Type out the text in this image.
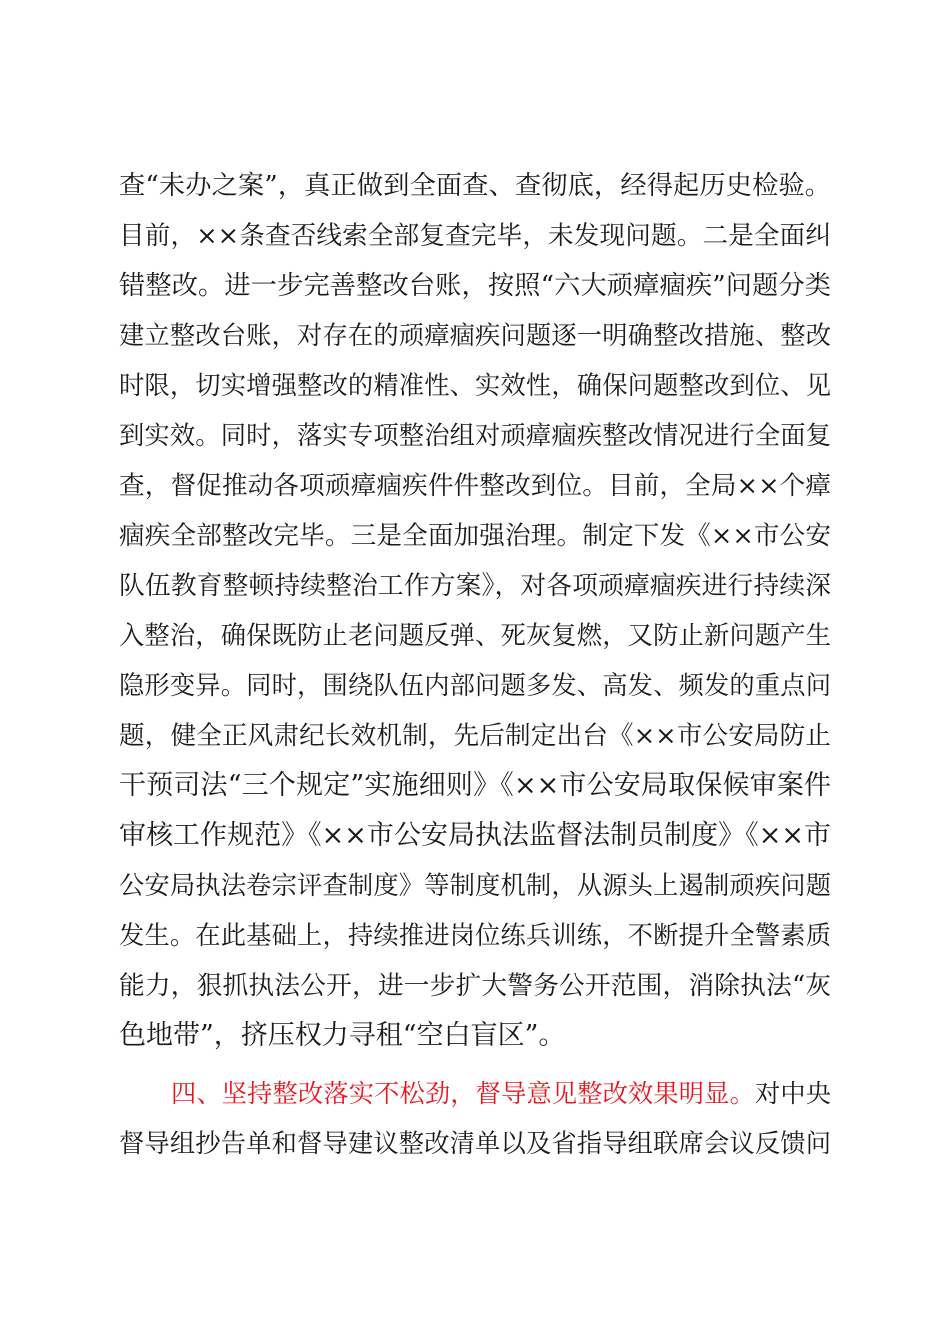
查“未办之案”，真正做到全面查、查彻底，经得起历史检验。
目前，××条查否线索全部复查完毕，未发现问题。二是全面纠
错整改。进一步完善整改台账，按照“六大顽瘴痼疾”问题分类
建立整改台账，对存在的顽瘴痼疾问题逐一明确整改措施、整改
时限，切实增强整改的精准性、实效性，确保问题整改到位、见
到实效。同时，落实专项整治组对顽瘴痼疾整改情况进行全面复
查，督促推动各项顽瘴痼疾件件整改到位。目前，全局××个瘴
痼疾全部整改完毕。三是全面加强治理。制定下发《××市公安
队伍教育整顿持续整治工作方案》，对各项顽瘴痼疾进行持续深
入整治，确保既防止老问题反弹、死灰复燃，又防止新问题产生
隐形变异。同时，围绕队伍内部问题多发、高发、频发的重点问
题，健全正风肃纪长效机制，先后制定出台《××市公安局防止
干预司法“三个规定”实施细则》《××市公安局取保候审案件
审核工作规范》《××市公安局执法监督法制员制度》《××市
公安局执法卷宗评查制度》等制度机制，从源头上遏制顽疾问题
发生。在此基础上，持续推进岗位练兵训练，不断提升全警素质
能力，狠抓执法公开，进一步扩大警务公开范围，消除执法“灰
色地带”，挤压权力寻租“空白盲区”。
四、坚持整改落实不松劲，督导意见整改效果明显。对中央
督导组抄告单和督导建议整改清单以及省指导组联席会议反馈问
